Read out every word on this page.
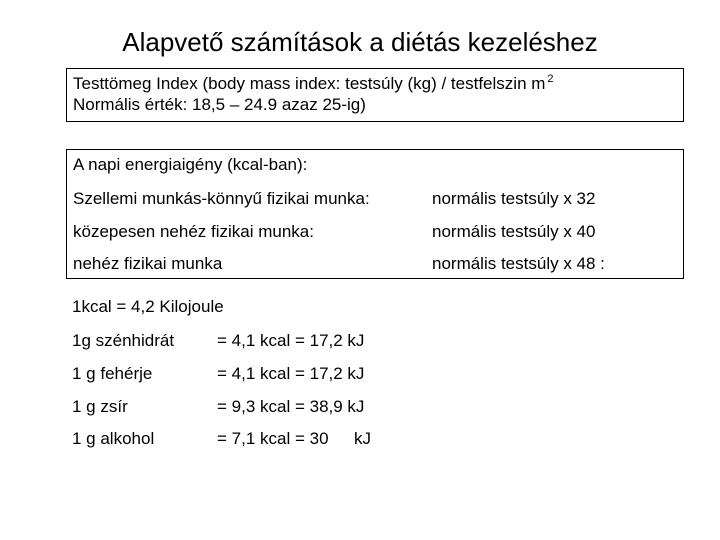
Alapvető számítások a diétás kezeléshez
Testtömeg Index (body mass index: testsúly (kg) / testfelszin m $^2$
Normális érték: 18,5 – 24.9 azaz 25-ig)
A napi energiaigény (kcal-ban):
Szellemi munkás-könnyű fizikai munka:	normális testsúly x 32
közepesen nehéz fizikai munka:	normális testsúly x 40
nehéz fizikai munka	normális testsúly x 48 :
1kcal = 4,2 Kilojoule
1g szénhidrát	= 4,1 kcal = 17,2 kJ
1 g fehérje	= 4,1 kcal = 17,2 kJ
1 g zsír	= 9,3 kcal = 38,9 kJ
1 g alkohol	= 7,1 kcal = 30 kJ
